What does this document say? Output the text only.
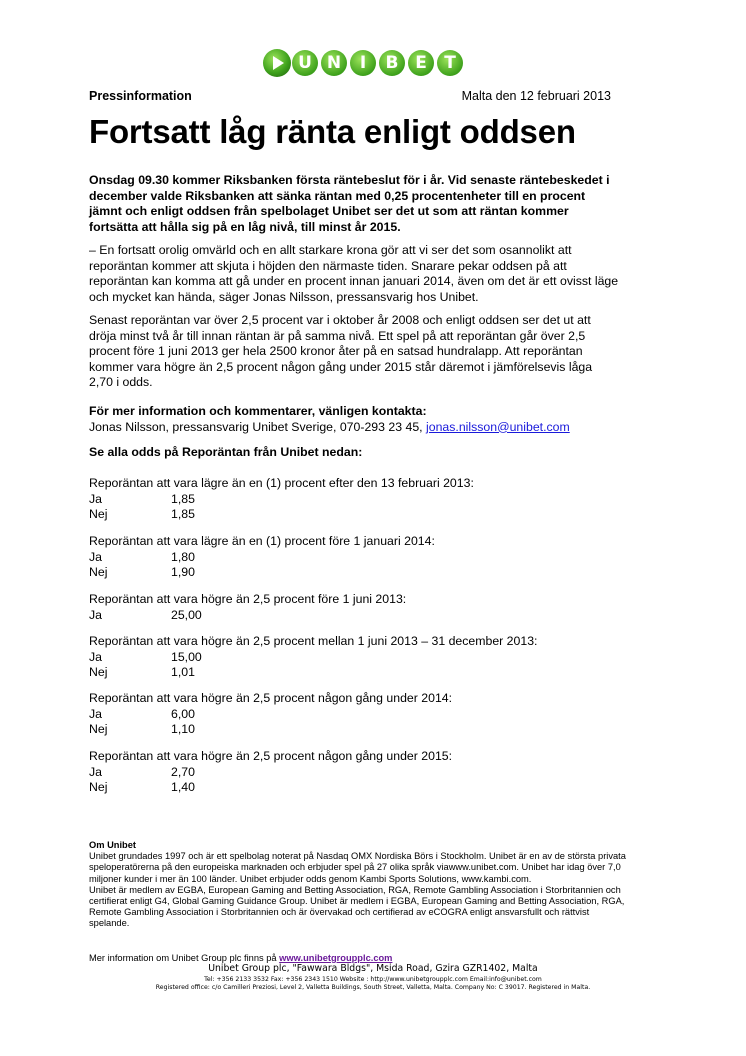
U N	I	B E	T
Pressinformation	Malta den 12 februari 2013
Fortsatt låg ränta enligt oddsen
Onsdag 09.30 kommer Riksbanken första räntebeslut för i år. Vid senaste räntebeskedet i december valde Riksbanken att sänka räntan med 0,25 procentenheter till en procent jämnt och enligt oddsen från spelbolaget Unibet ser det ut som att räntan kommer fortsätta att hålla sig på en låg nivå, till minst år 2015.
– En fortsatt orolig omvärld och en allt starkare krona gör att vi ser det som osannolikt att reporäntan kommer att skjuta i höjden den närmaste tiden. Snarare pekar oddsen på att reporäntan kan komma att gå under en procent innan januari 2014, även om det är ett ovisst läge och mycket kan hända, säger Jonas Nilsson, pressansvarig hos Unibet.
Senast reporäntan var över 2,5 procent var i oktober år 2008 och enligt oddsen ser det ut att dröja minst två år till innan räntan är på samma nivå. Ett spel på att reporäntan går över 2,5 procent före 1 juni 2013 ger hela 2500 kronor åter på en satsad hundralapp. Att reporäntan kommer vara högre än 2,5 procent någon gång under 2015 står däremot i jämförelsevis låga 2,70 i odds.
För mer information och kommentarer, vänligen kontakta:
Jonas Nilsson, pressansvarig Unibet Sverige, 070-293 23 45, jonas.nilsson@unibet.com
Se alla odds på Reporäntan från Unibet nedan:
Reporäntan att vara lägre än en (1) procent efter den 13 februari 2013:
Ja	1,85
Nej	1,85
Reporäntan att vara lägre än en (1) procent före 1 januari 2014:
Ja	1,80
Nej	1,90
Reporäntan att vara högre än 2,5 procent före 1 juni 2013:
Ja	25,00
Reporäntan att vara högre än 2,5 procent mellan 1 juni 2013 – 31 december 2013:
Ja	15,00
Nej	1,01
Reporäntan att vara högre än 2,5 procent någon gång under 2014:
Ja	6,00
Nej	1,10
Reporäntan att vara högre än 2,5 procent någon gång under 2015:
Ja	2,70
Nej	1,40
Om Unibet
Unibet grundades 1997 och är ett spelbolag noterat på Nasdaq OMX Nordiska Börs i Stockholm. Unibet är en av de största privata speloperatörerna på den europeiska marknaden och erbjuder spel på 27 olika språk viawww.unibet.com. Unibet har idag över 7,0 miljoner kunder i mer än 100 länder. Unibet erbjuder odds genom Kambi Sports Solutions, www.kambi.com.
Unibet är medlem av EGBA, European Gaming and Betting Association, RGA, Remote Gambling Association i Storbritannien och certifierat enligt G4, Global Gaming Guidance Group. Unibet är medlem i EGBA, European Gaming and Betting Association, RGA, Remote Gambling Association i Storbritannien och är övervakad och certifierad av eCOGRA enligt ansvarsfullt och rättvist spelande.
Mer information om Unibet Group plc finns på www.unibetgroupplc.com
Unibet Group plc, "Fawwara Bldgs", Msida Road, Gzira GZR1402, Malta
Tel: +356 2133 3532 Fax: +356 2343 1510 Website : http://www.unibetgroupplc.com Email:info@unibet.com
Registered office: c/o Camilleri Preziosi, Level 2, Valletta Buildings, South Street, Valletta, Malta. Company No: C 39017. Registered in Malta.
